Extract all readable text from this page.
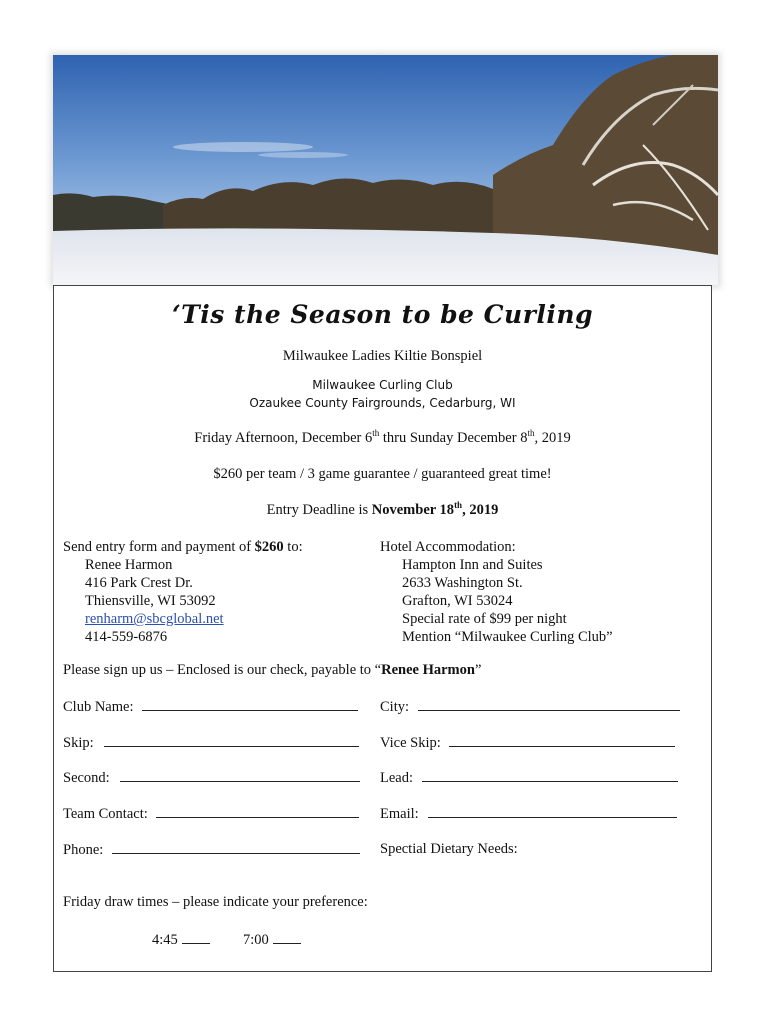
‘Tis the Season to be Curling
Milwaukee Ladies Kiltie Bonspiel
Milwaukee Curling Club
Ozaukee County Fairgrounds, Cedarburg, WI
Friday Afternoon, December 6th thru Sunday December 8th, 2019
$260 per team / 3 game guarantee / guaranteed great time!
Entry Deadline is November 18th, 2019
Send entry form and payment of $260 to:
Renee Harmon
416 Park Crest Dr.
Thiensville, WI 53092
renharm@sbcglobal.net
414-559-6876
Hotel Accommodation:
Hampton Inn and Suites
2633 Washington St.
Grafton, WI 53024
Special rate of $99 per night
Mention “Milwaukee Curling Club”
Please sign up us – Enclosed is our check, payable to “Renee Harmon”
Club Name:	City:
Skip:	Vice Skip:
Second:	Lead:
Team Contact:	Email:
Phone:	Spectial Dietary Needs:
Friday draw times – please indicate your preference:
4:45	7:00
